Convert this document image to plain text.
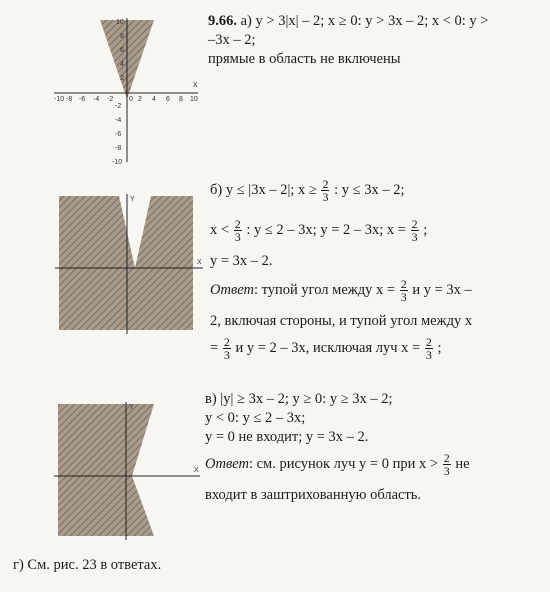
X
0
-10 -8 -6 -4 -2	2 4 6 8 10
10
8
6
4
2
-2
-4
-6
-8
-10
X
Y
X
Y
9.66. а) y > 3|x| – 2; x ≥ 0: y > 3x – 2; x < 0: y >
–3x – 2;
прямые в область не включены
б) y ≤ |3x – 2|; $x \ge \frac{2}{3}$ : y ≤ 3x – 2;
$x < \frac{2}{3}$ : y ≤ 2 – 3x; y = 2 – 3x; $x = \frac{2}{3}$ ;
y = 3x – 2.
Ответ: тупой угол между $x = \frac{2}{3}$ и y = 3x –
2, включая стороны, и тупой угол между x
= $\frac{2}{3}$ и y = 2 – 3x, исключая луч $x = \frac{2}{3}$ ;
в) |y| ≥ 3x – 2; y ≥ 0: y ≥ 3x – 2;
y < 0: y ≤ 2 – 3x;
y = 0 не входит; y = 3x – 2.
Ответ: см. рисунок луч y = 0 при $x > \frac{2}{3}$ не
входит в заштрихованную область.
г) См. рис. 23 в ответах.
